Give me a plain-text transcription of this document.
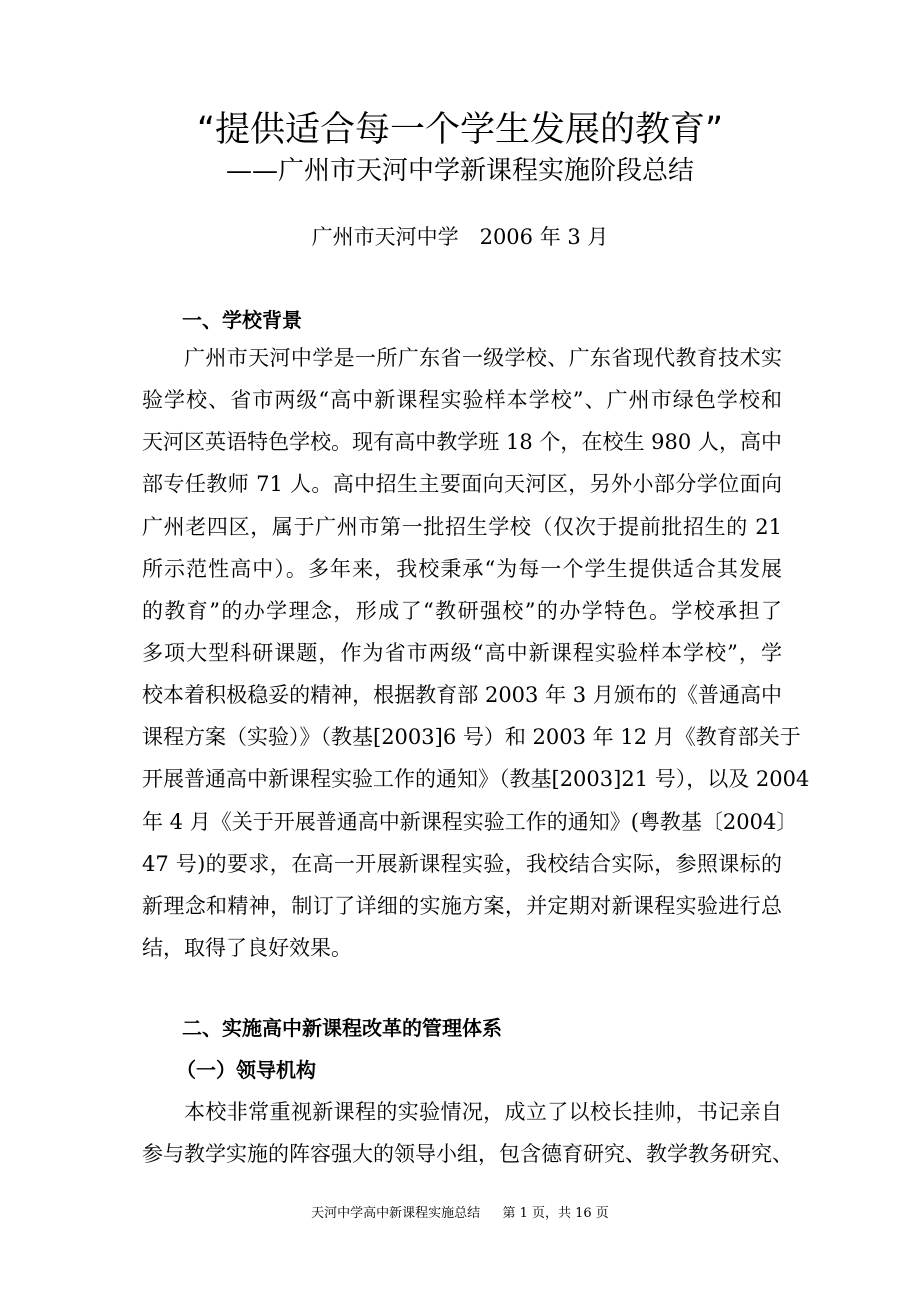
“提供适合每一个学生发展的教育”
——广州市天河中学新课程实施阶段总结
广州市天河中学　2006 年 3 月
一、学校背景
广州市天河中学是一所广东省一级学校、广东省现代教育技术实
验学校、省市两级“高中新课程实验样本学校”、广州市绿色学校和
天河区英语特色学校。现有高中教学班 18 个，在校生 980 人，高中
部专任教师 71 人。高中招生主要面向天河区，另外小部分学位面向
广州老四区，属于广州市第一批招生学校（仅次于提前批招生的 21
所示范性高中）。多年来，我校秉承“为每一个学生提供适合其发展
的教育”的办学理念，形成了“教研强校”的办学特色。学校承担了
多项大型科研课题，作为省市两级“高中新课程实验样本学校”，学
校本着积极稳妥的精神，根据教育部 2003 年 3 月颁布的《普通高中
课程方案（实验）》（教基[2003]6 号）和 2003 年 12 月《教育部关于
开展普通高中新课程实验工作的通知》（教基[2003]21 号），以及 2004
年 4 月《关于开展普通高中新课程实验工作的通知》(粤教基〔2004〕
47 号)的要求，在高一开展新课程实验，我校结合实际，参照课标的
新理念和精神，制订了详细的实施方案，并定期对新课程实验进行总
结，取得了良好效果。
二、实施高中新课程改革的管理体系
（一）领导机构
本校非常重视新课程的实验情况，成立了以校长挂帅，书记亲自
参与教学实施的阵容强大的领导小组，包含德育研究、教学教务研究、
天河中学高中新课程实施总结 第 1 页，共 16 页
